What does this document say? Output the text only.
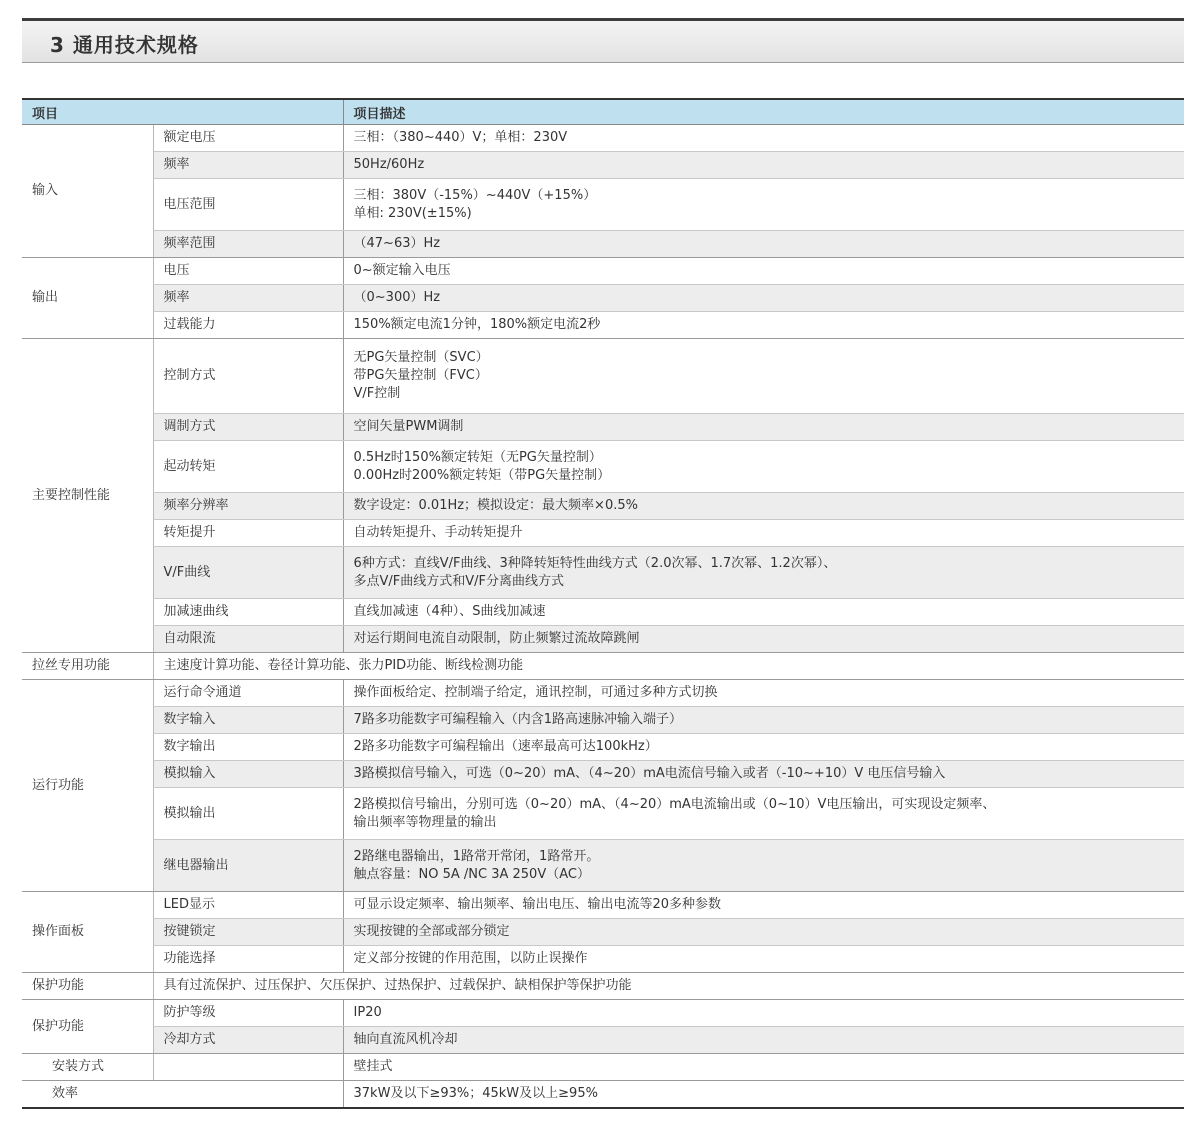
3 通用技术规格
项目		项目描述
输入	额定电压	三相：（380~440）V；单相：230V

	频率	50Hz/60Hz

	电压范围	三相：380V（-15%）~440V（+15%）
单相: 230V(±15%)

	频率范围	（47~63）Hz

输出	电压	0~额定输入电压

	频率	（0~300）Hz

	过载能力	150%额定电流1分钟，180%额定电流2秒

主要控制性能	控制方式	无PG矢量控制（SVC）
带PG矢量控制（FVC）
V/F控制

	调制方式	空间矢量PWM调制

	起动转矩	0.5Hz时150%额定转矩（无PG矢量控制）
0.00Hz时200%额定转矩（带PG矢量控制）

	频率分辨率	数字设定：0.01Hz；模拟设定：最大频率×0.5%

	转矩提升	自动转矩提升、手动转矩提升

	V/F曲线	6种方式：直线V/F曲线、3种降转矩特性曲线方式（2.0次幂、1.7次幂、1.2次幂）、
多点V/F曲线方式和V/F分离曲线方式

	加减速曲线	直线加减速（4种）、S曲线加减速

	自动限流	对运行期间电流自动限制，防止频繁过流故障跳闸

拉丝专用功能	主速度计算功能、卷径计算功能、张力PID功能、断线检测功能	
运行功能	运行命令通道	操作面板给定、控制端子给定，通讯控制，可通过多种方式切换

	数字输入	7路多功能数字可编程输入（内含1路高速脉冲输入端子）

	数字输出	2路多功能数字可编程输出（速率最高可达100kHz）

	模拟输入	3路模拟信号输入，可选（0~20）mA、（4~20）mA电流信号输入或者（-10~+10）V 电压信号输入

	模拟输出	2路模拟信号输出，分别可选（0~20）mA、（4~20）mA电流输出或（0~10）V电压输出，可实现设定频率、
输出频率等物理量的输出

	继电器输出	2路继电器输出，1路常开常闭，1路常开。
触点容量：NO 5A /NC 3A 250V（AC）

操作面板	LED显示	可显示设定频率、输出频率、输出电压、输出电流等20多种参数

	按键锁定	实现按键的全部或部分锁定

	功能选择	定义部分按键的作用范围，以防止误操作

保护功能	具有过流保护、过压保护、欠压保护、过热保护、过载保护、缺相保护等保护功能	
保护功能	防护等级	IP20

	冷却方式	轴向直流风机冷却

安装方式		壁挂式

效率		37kW及以下≥93%；45kW及以上≥95%
